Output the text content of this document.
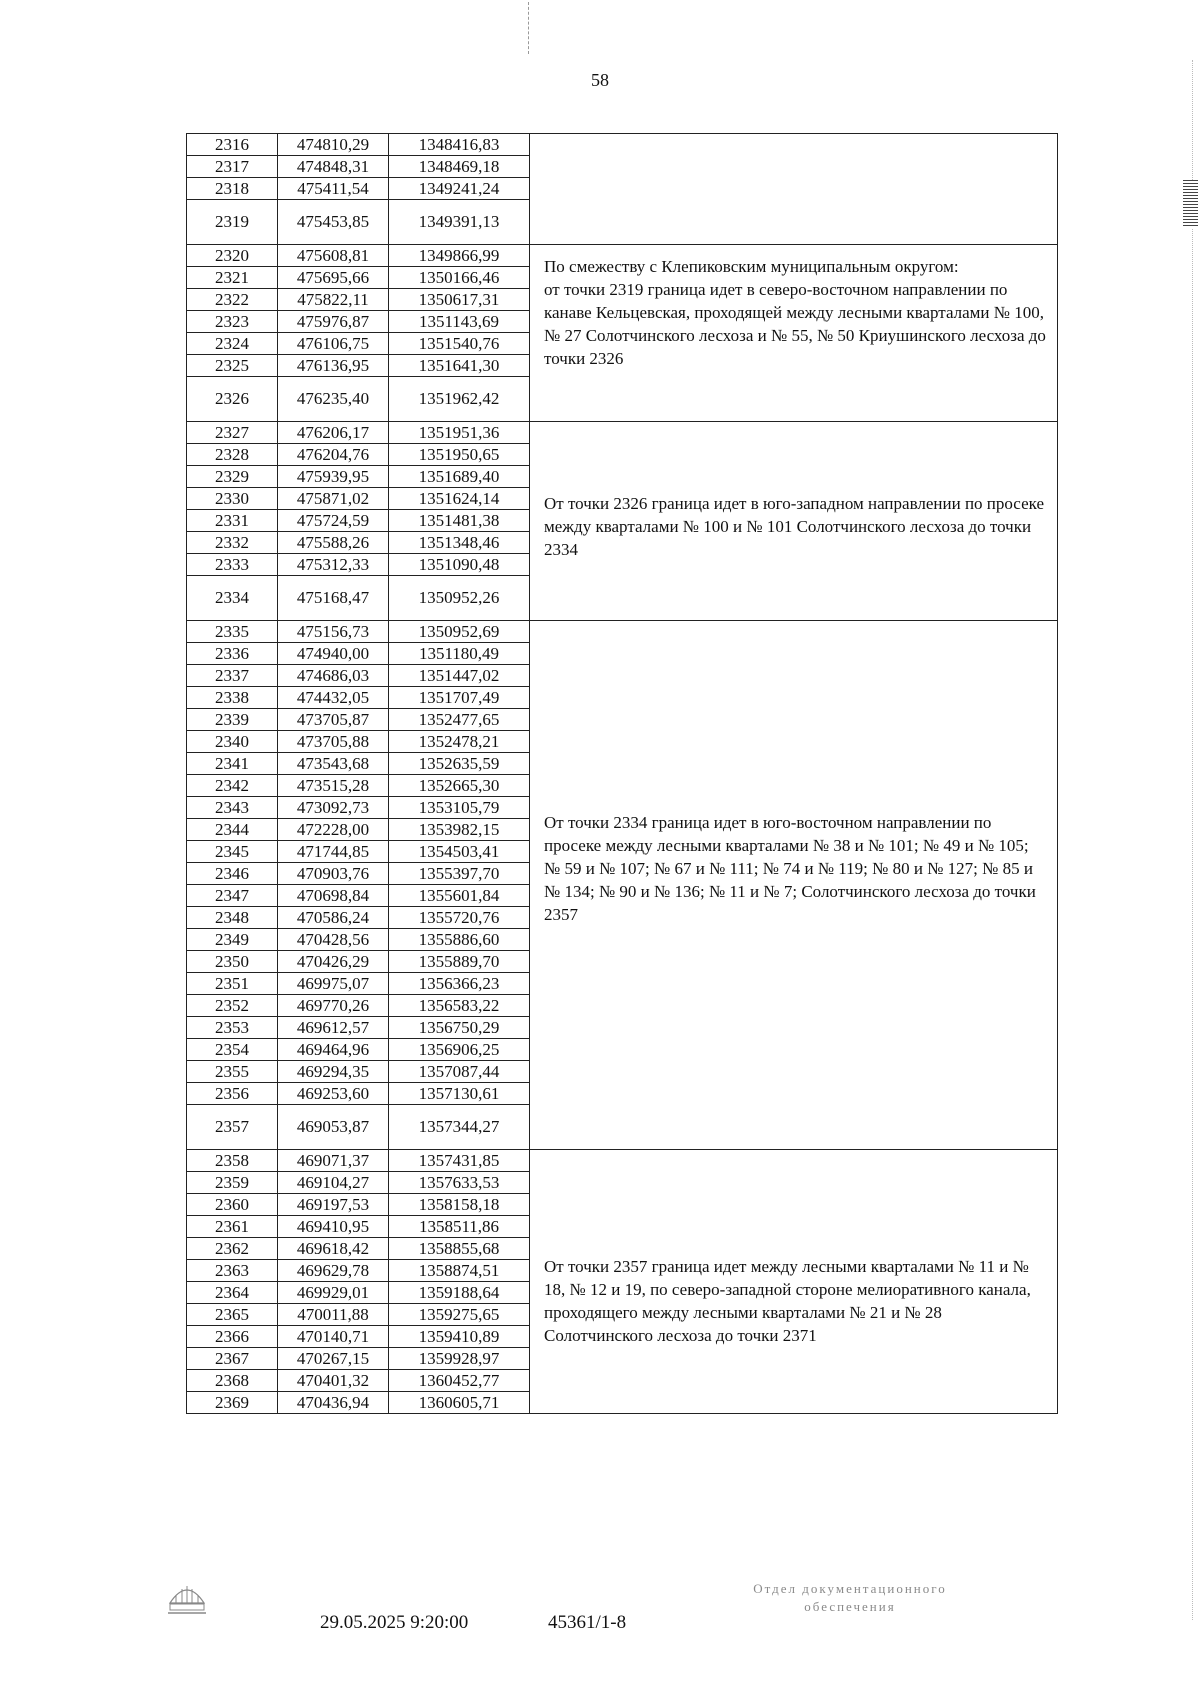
58
2316	474810,29	1348416,83	
2317	474848,31	1348469,18	
2318	475411,54	1349241,24	
2319	475453,85	1349391,13	
2320	475608,81	1349866,99	По смежеству с Клепиковским муниципальным округом:
от точки 2319 граница идет в северо-восточном направлении по канаве Кельцевская, проходящей между лесными кварталами № 100, № 27 Солотчинского лесхоза и № 55, № 50 Криушинского лесхоза до точки 2326

2321	475695,66	1350166,46	
2322	475822,11	1350617,31	
2323	475976,87	1351143,69	
2324	476106,75	1351540,76	
2325	476136,95	1351641,30	
2326	476235,40	1351962,42	
2327	476206,17	1351951,36	От точки 2326 граница идет в юго-западном направлении по просеке между кварталами № 100 и № 101 Солотчинского лесхоза до точки 2334

2328	476204,76	1351950,65	
2329	475939,95	1351689,40	
2330	475871,02	1351624,14	
2331	475724,59	1351481,38	
2332	475588,26	1351348,46	
2333	475312,33	1351090,48	
2334	475168,47	1350952,26	
2335	475156,73	1350952,69	От точки 2334 граница идет в юго-восточном направлении по просеке между лесными кварталами № 38 и № 101; № 49 и № 105; № 59 и № 107; № 67 и № 111; № 74 и № 119; № 80 и № 127; № 85 и № 134; № 90 и № 136; № 11 и № 7; Солотчинского лесхоза до точки 2357

2336	474940,00	1351180,49	
2337	474686,03	1351447,02	
2338	474432,05	1351707,49	
2339	473705,87	1352477,65	
2340	473705,88	1352478,21	
2341	473543,68	1352635,59	
2342	473515,28	1352665,30	
2343	473092,73	1353105,79	
2344	472228,00	1353982,15	
2345	471744,85	1354503,41	
2346	470903,76	1355397,70	
2347	470698,84	1355601,84	
2348	470586,24	1355720,76	
2349	470428,56	1355886,60	
2350	470426,29	1355889,70	
2351	469975,07	1356366,23	
2352	469770,26	1356583,22	
2353	469612,57	1356750,29	
2354	469464,96	1356906,25	
2355	469294,35	1357087,44	
2356	469253,60	1357130,61	
2357	469053,87	1357344,27	
2358	469071,37	1357431,85	От точки 2357 граница идет между лесными кварталами № 11 и № 18, № 12 и 19, по северо-западной стороне мелиоративного канала, проходящего между лесными кварталами № 21 и № 28 Солотчинского лесхоза до точки 2371

2359	469104,27	1357633,53	
2360	469197,53	1358158,18	
2361	469410,95	1358511,86	
2362	469618,42	1358855,68	
2363	469629,78	1358874,51	
2364	469929,01	1359188,64	
2365	470011,88	1359275,65	
2366	470140,71	1359410,89	
2367	470267,15	1359928,97	
2368	470401,32	1360452,77	
2369	470436,94	1360605,71	
29.05.2025 9:20:00	45361/1-8
Отдел документационного
обеспечения
